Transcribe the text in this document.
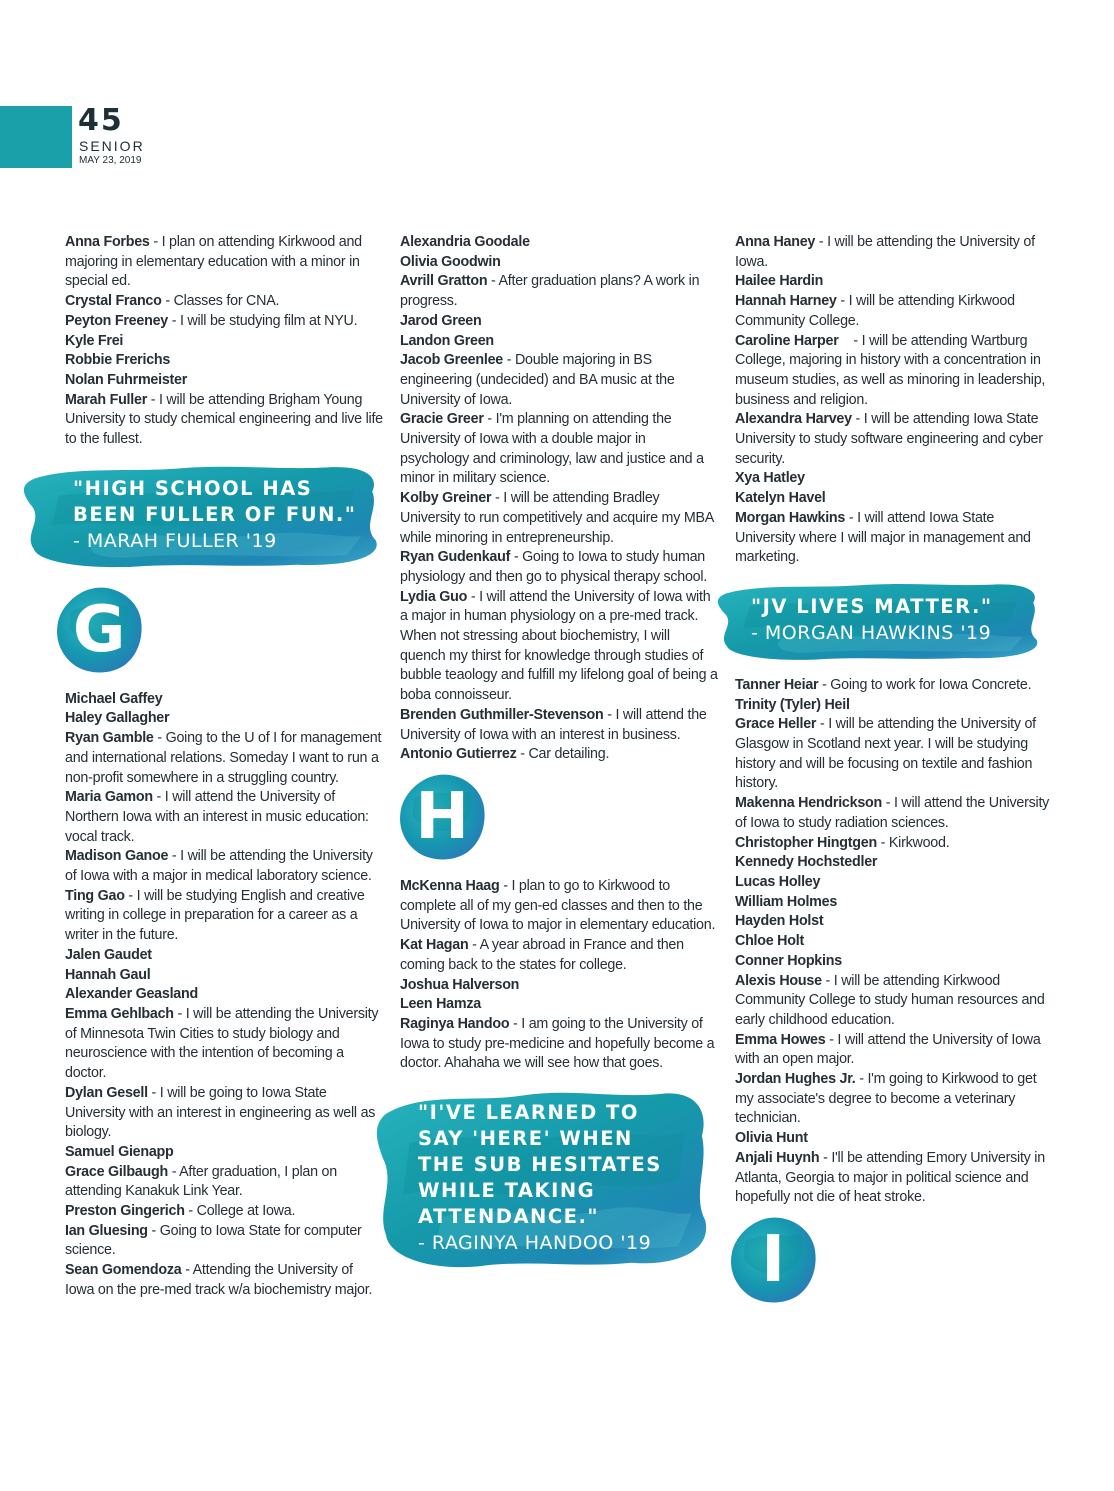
45
SENIOR
MAY 23, 2019
Anna Forbes - I plan on attending Kirkwood and majoring in elementary education with a minor in special ed.
Crystal Franco - Classes for CNA.
Peyton Freeney - I will be studying film at NYU.
Kyle Frei
Robbie Frerichs
Nolan Fuhrmeister
Marah Fuller - I will be attending Brigham Young University to study chemical engineering and live life to the fullest.
"HIGH SCHOOL HAS BEEN FULLER OF FUN."
- MARAH FULLER '19
G
Michael Gaffey
Haley Gallagher
Ryan Gamble - Going to the U of I for management and international relations. Someday I want to run a non-profit somewhere in a struggling country.
Maria Gamon - I will attend the University of Northern Iowa with an interest in music education: vocal track.
Madison Ganoe - I will be attending the University of Iowa with a major in medical laboratory science.
Ting Gao - I will be studying English and creative writing in college in preparation for a career as a writer in the future.
Jalen Gaudet
Hannah Gaul
Alexander Geasland
Emma Gehlbach - I will be attending the University of Minnesota Twin Cities to study biology and neuroscience with the intention of becoming a doctor.
Dylan Gesell - I will be going to Iowa State University with an interest in engineering as well as biology.
Samuel Gienapp
Grace Gilbaugh - After graduation, I plan on attending Kanakuk Link Year.
Preston Gingerich - College at Iowa.
Ian Gluesing - Going to Iowa State for computer science.
Sean Gomendoza - Attending the University of Iowa on the pre-med track w/a biochemistry major.
Alexandria Goodale
Olivia Goodwin
Avrill Gratton - After graduation plans? A work in progress.
Jarod Green
Landon Green
Jacob Greenlee - Double majoring in BS engineering (undecided) and BA music at the University of Iowa.
Gracie Greer - I'm planning on attending the University of Iowa with a double major in psychology and criminology, law and justice and a minor in military science.
Kolby Greiner - I will be attending Bradley University to run competitively and acquire my MBA while minoring in entrepreneurship.
Ryan Gudenkauf - Going to Iowa to study human physiology and then go to physical therapy school.
Lydia Guo - I will attend the University of Iowa with a major in human physiology on a pre-med track. When not stressing about biochemistry, I will quench my thirst for knowledge through studies of bubble teaology and fulfill my lifelong goal of being a boba connoisseur.
Brenden Guthmiller-Stevenson - I will attend the University of Iowa with an interest in business.
Antonio Gutierrez - Car detailing.
H
McKenna Haag - I plan to go to Kirkwood to complete all of my gen-ed classes and then to the University of Iowa to major in elementary education.
Kat Hagan - A year abroad in France and then coming back to the states for college.
Joshua Halverson
Leen Hamza
Raginya Handoo - I am going to the University of Iowa to study pre-medicine and hopefully become a doctor. Ahahaha we will see how that goes.
"I'VE LEARNED TO SAY 'HERE' WHEN THE SUB HESITATES WHILE TAKING ATTENDANCE."
- RAGINYA HANDOO '19
Anna Haney - I will be attending the University of Iowa.
Hailee Hardin
Hannah Harney - I will be attending Kirkwood Community College.
Caroline Harper    - I will be attending Wartburg College, majoring in history with a concentration in museum studies, as well as minoring in leadership, business and religion.
Alexandra Harvey - I will be attending Iowa State University to study software engineering and cyber security.
Xya Hatley
Katelyn Havel
Morgan Hawkins - I will attend Iowa State University where I will major in management and marketing.
"JV LIVES MATTER."
- MORGAN HAWKINS '19
Tanner Heiar - Going to work for Iowa Concrete.
Trinity (Tyler) Heil
Grace Heller - I will be attending the University of Glasgow in Scotland next year. I will be studying history and will be focusing on textile and fashion history.
Makenna Hendrickson - I will attend the University of Iowa to study radiation sciences.
Christopher Hingtgen - Kirkwood.
Kennedy Hochstedler
Lucas Holley
William Holmes
Hayden Holst
Chloe Holt
Conner Hopkins
Alexis House - I will be attending Kirkwood Community College to study human resources and early childhood education.
Emma Howes - I will attend the University of Iowa with an open major.
Jordan Hughes Jr. - I'm going to Kirkwood to get my associate's degree to become a veterinary technician.
Olivia Hunt
Anjali Huynh - I'll be attending Emory University in Atlanta, Georgia to major in political science and hopefully not die of heat stroke.
I
